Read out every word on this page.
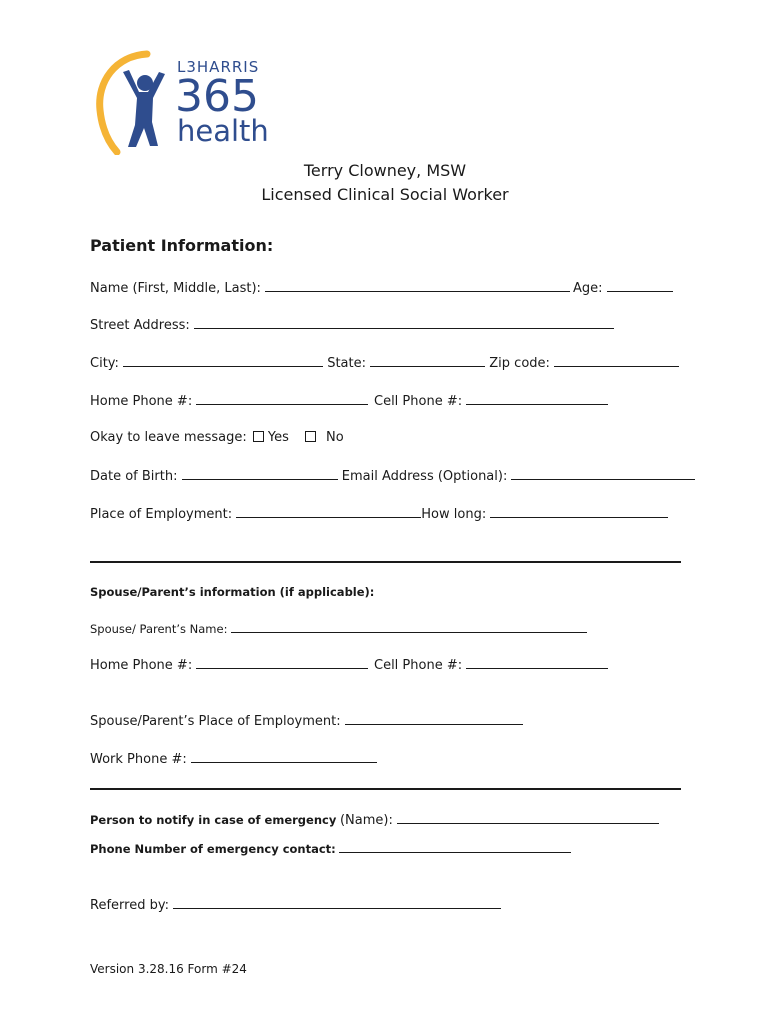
L3HARRIS
365
health
Terry Clowney, MSW
Licensed Clinical Social Worker
Patient Information:
Name (First, Middle, Last):	Age:
Street Address:
City:	State:	Zip code:
Home Phone #:	Cell Phone #:
Okay to leave message: Yes	No
Date of Birth:	Email Address (Optional):
Place of Employment:	How long:
Spouse/Parent’s information (if applicable):
Spouse/ Parent’s Name:
Home Phone #:	Cell Phone #:
Spouse/Parent’s Place of Employment:
Work Phone #:
Person to notify in case of emergency (Name):
Phone Number of emergency contact:
Referred by:
Version 3.28.16 Form #24
